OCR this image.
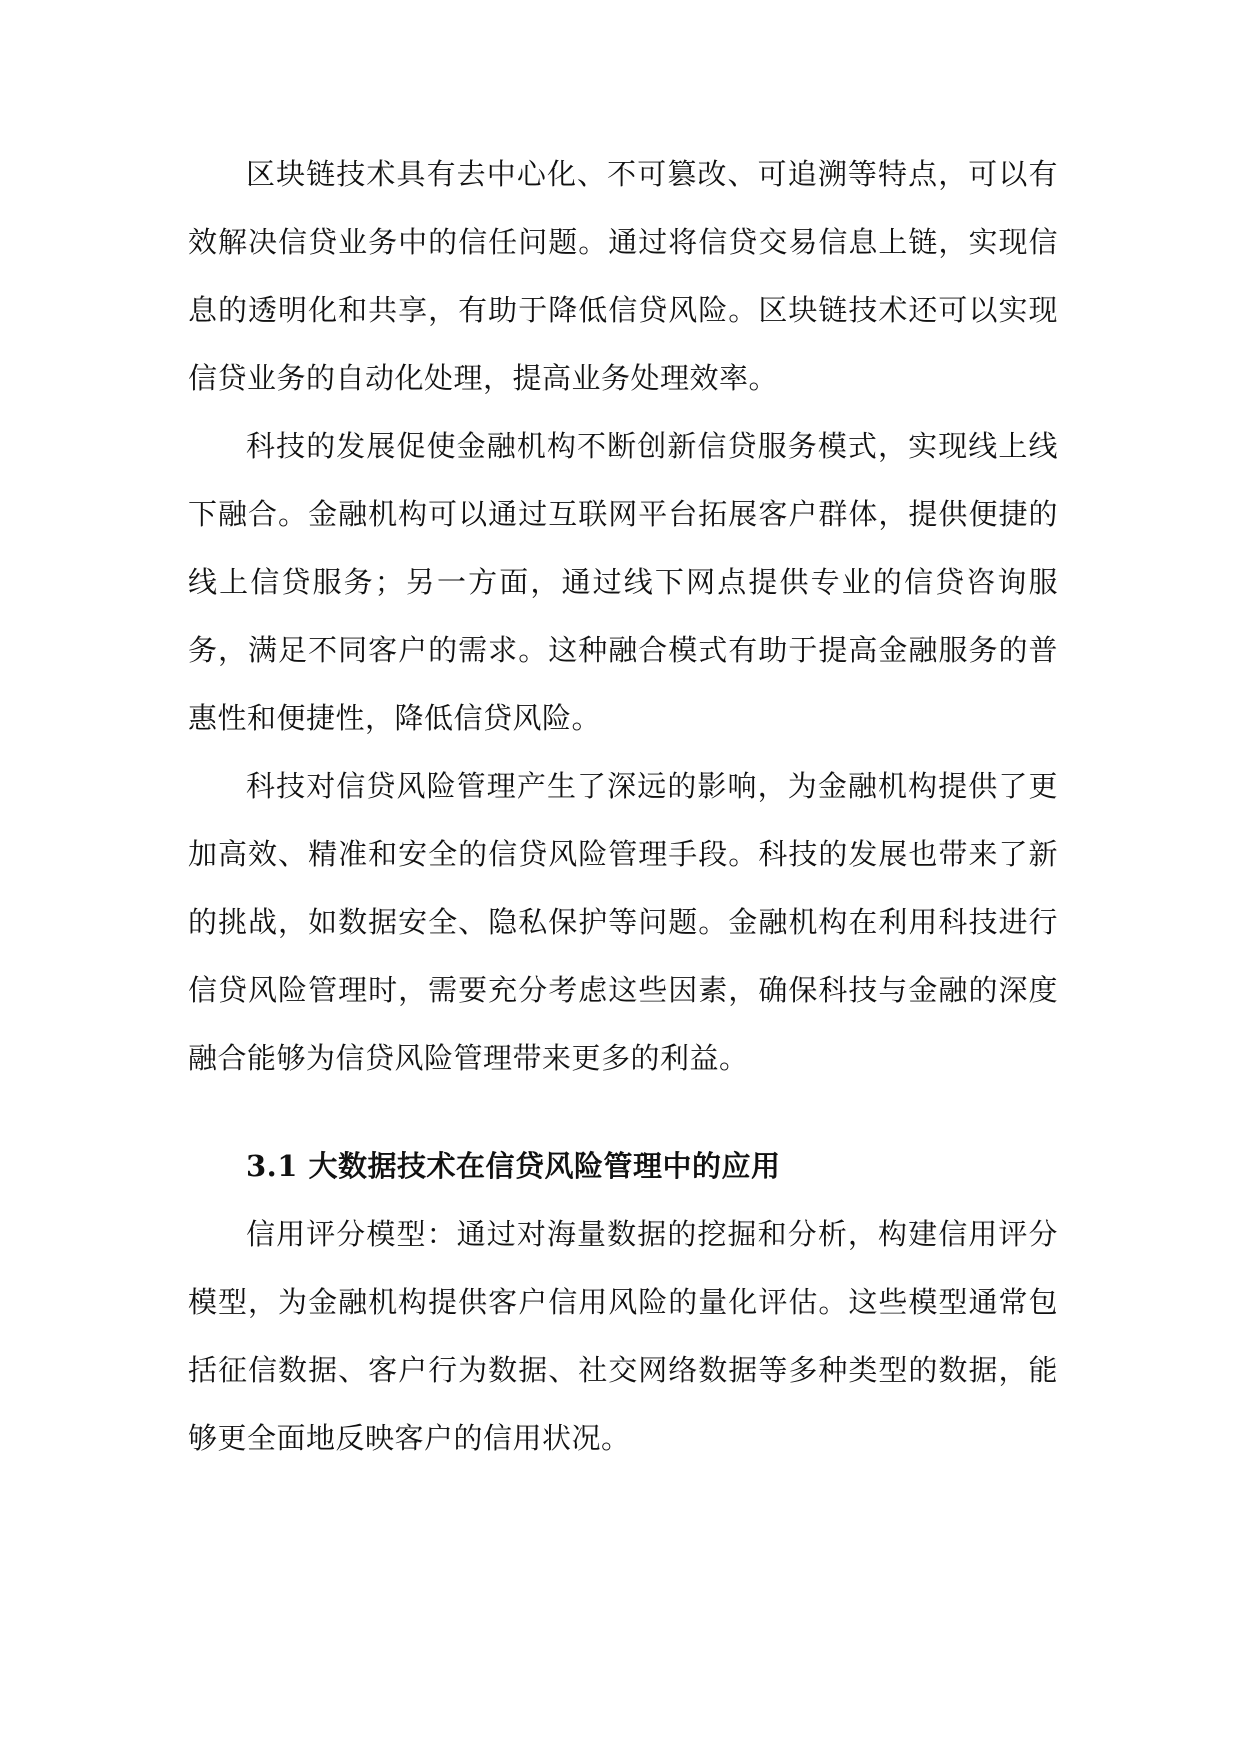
区块链技术具有去中心化、不可篡改、可追溯等特点，可以有效解决信贷业务中的信任问题。通过将信贷交易信息上链，实现信息的透明化和共享，有助于降低信贷风险。区块链技术还可以实现信贷业务的自动化处理，提高业务处理效率。

科技的发展促使金融机构不断创新信贷服务模式，实现线上线下融合。金融机构可以通过互联网平台拓展客户群体，提供便捷的线上信贷服务；另一方面，通过线下网点提供专业的信贷咨询服务，满足不同客户的需求。这种融合模式有助于提高金融服务的普惠性和便捷性，降低信贷风险。

科技对信贷风险管理产生了深远的影响，为金融机构提供了更加高效、精准和安全的信贷风险管理手段。科技的发展也带来了新的挑战，如数据安全、隐私保护等问题。金融机构在利用科技进行信贷风险管理时，需要充分考虑这些因素，确保科技与金融的深度融合能够为信贷风险管理带来更多的利益。

3.1 大数据技术在信贷风险管理中的应用

信用评分模型：通过对海量数据的挖掘和分析，构建信用评分模型，为金融机构提供客户信用风险的量化评估。这些模型通常包括征信数据、客户行为数据、社交网络数据等多种类型的数据，能够更全面地反映客户的信用状况。
